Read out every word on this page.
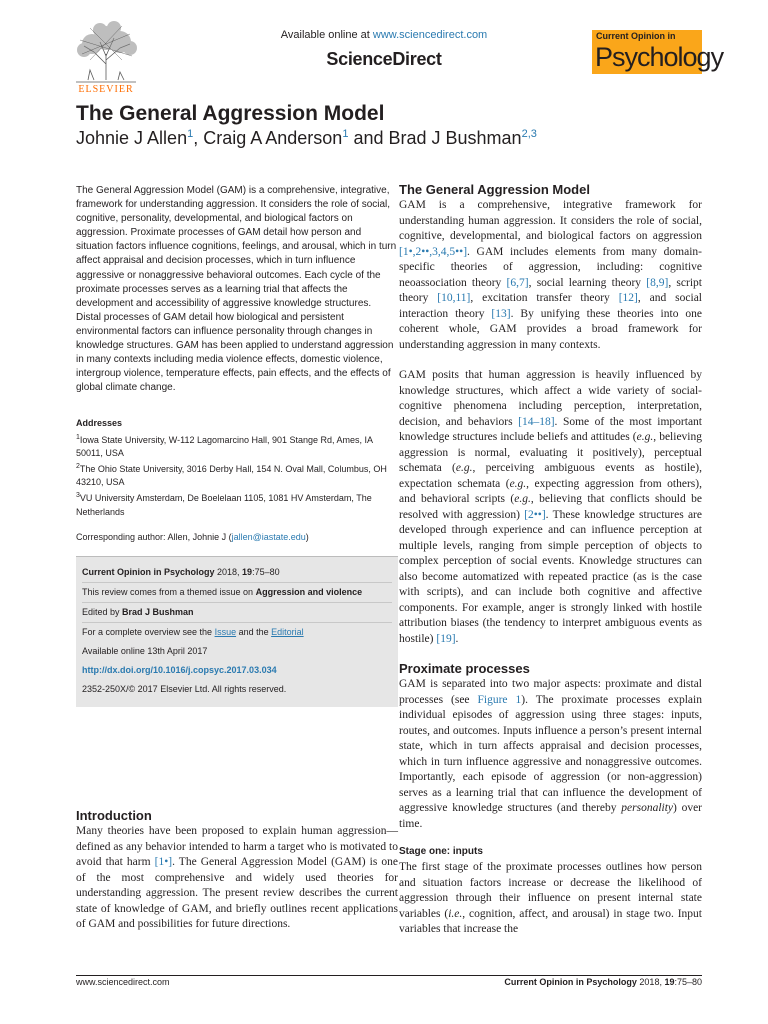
ELSEVIER
Available online at www.sciencedirect.com
ScienceDirect
Current Opinion in
Psychology
The General Aggression Model
Johnie J Allen$^1$, Craig A Anderson$^1$ and Brad J Bushman$^{2,3}$

The General Aggression Model (GAM) is a comprehensive, integrative, framework for understanding aggression. It considers the role of social, cognitive, personality, developmental, and biological factors on aggression. Proximate processes of GAM detail how person and situation factors influence cognitions, feelings, and arousal, which in turn affect appraisal and decision processes, which in turn influence aggressive or nonaggressive behavioral outcomes. Each cycle of the proximate processes serves as a learning trial that affects the development and accessibility of aggressive knowledge structures. Distal processes of GAM detail how biological and persistent environmental factors can influence personality through changes in knowledge structures. GAM has been applied to understand aggression in many contexts including media violence effects, domestic violence, intergroup violence, temperature effects, pain effects, and the effects of global climate change.

Addresses
$^1$Iowa State University, W-112 Lagomarcino Hall, 901 Stange Rd, Ames, IA 50011, USA
$^2$The Ohio State University, 3016 Derby Hall, 154 N. Oval Mall, Columbus, OH 43210, USA
$^3$VU University Amsterdam, De Boelelaan 1105, 1081 HV Amsterdam, The Netherlands
Corresponding author: Allen, Johnie J (jallen@iastate.edu)
Current Opinion in Psychology 2018, 19:75–80
This review comes from a themed issue on Aggression and violence
Edited by Brad J Bushman
For a complete overview see the Issue and the Editorial
Available online 13th April 2017
http://dx.doi.org/10.1016/j.copsyc.2017.03.034
2352-250X/© 2017 Elsevier Ltd. All rights reserved.
Introduction

Many theories have been proposed to explain human aggression—defined as any behavior intended to harm a target who is motivated to avoid that harm [1•]. The General Aggression Model (GAM) is one of the most comprehensive and widely used theories for understanding aggression. The present review describes the current state of knowledge of GAM, and briefly outlines recent applications of GAM and possibilities for future directions.

The General Aggression Model

GAM is a comprehensive, integrative framework for understanding human aggression. It considers the role of social, cognitive, developmental, and biological factors on aggression [1•,2••,3,4,5••]. GAM includes elements from many domain-specific theories of aggression, including: cognitive neoassociation theory [6,7], social learning theory [8,9], script theory [10,11], excitation transfer theory [12], and social interaction theory [13]. By unifying these theories into one coherent whole, GAM provides a broad framework for understanding aggression in many contexts.

GAM posits that human aggression is heavily influenced by knowledge structures, which affect a wide variety of social-cognitive phenomena including perception, interpretation, decision, and behaviors [14–18]. Some of the most important knowledge structures include beliefs and attitudes (e.g., believing aggression is normal, evaluating it positively), perceptual schemata (e.g., perceiving ambiguous events as hostile), expectation schemata (e.g., expecting aggression from others), and behavioral scripts (e.g., believing that conflicts should be resolved with aggression) [2••]. These knowledge structures are developed through experience and can influence perception at multiple levels, ranging from simple perception of objects to complex perception of social events. Knowledge structures can also become automatized with repeated practice (as is the case with scripts), and can include both cognitive and affective components. For example, anger is strongly linked with hostile attribution biases (the tendency to interpret ambiguous events as hostile) [19].

Proximate processes

GAM is separated into two major aspects: proximate and distal processes (see Figure 1). The proximate processes explain individual episodes of aggression using three stages: inputs, routes, and outcomes. Inputs influence a person’s present internal state, which in turn affects appraisal and decision processes, which in turn influence aggressive and nonaggressive outcomes. Importantly, each episode of aggression (or non-aggression) serves as a learning trial that can influence the development of aggressive knowledge structures (and thereby personality) over time.

Stage one: inputs

The first stage of the proximate processes outlines how person and situation factors increase or decrease the likelihood of aggression through their influence on present internal state variables (i.e., cognition, affect, and arousal) in stage two. Input variables that increase the

www.sciencedirect.com	Current Opinion in Psychology 2018, 19:75–80
